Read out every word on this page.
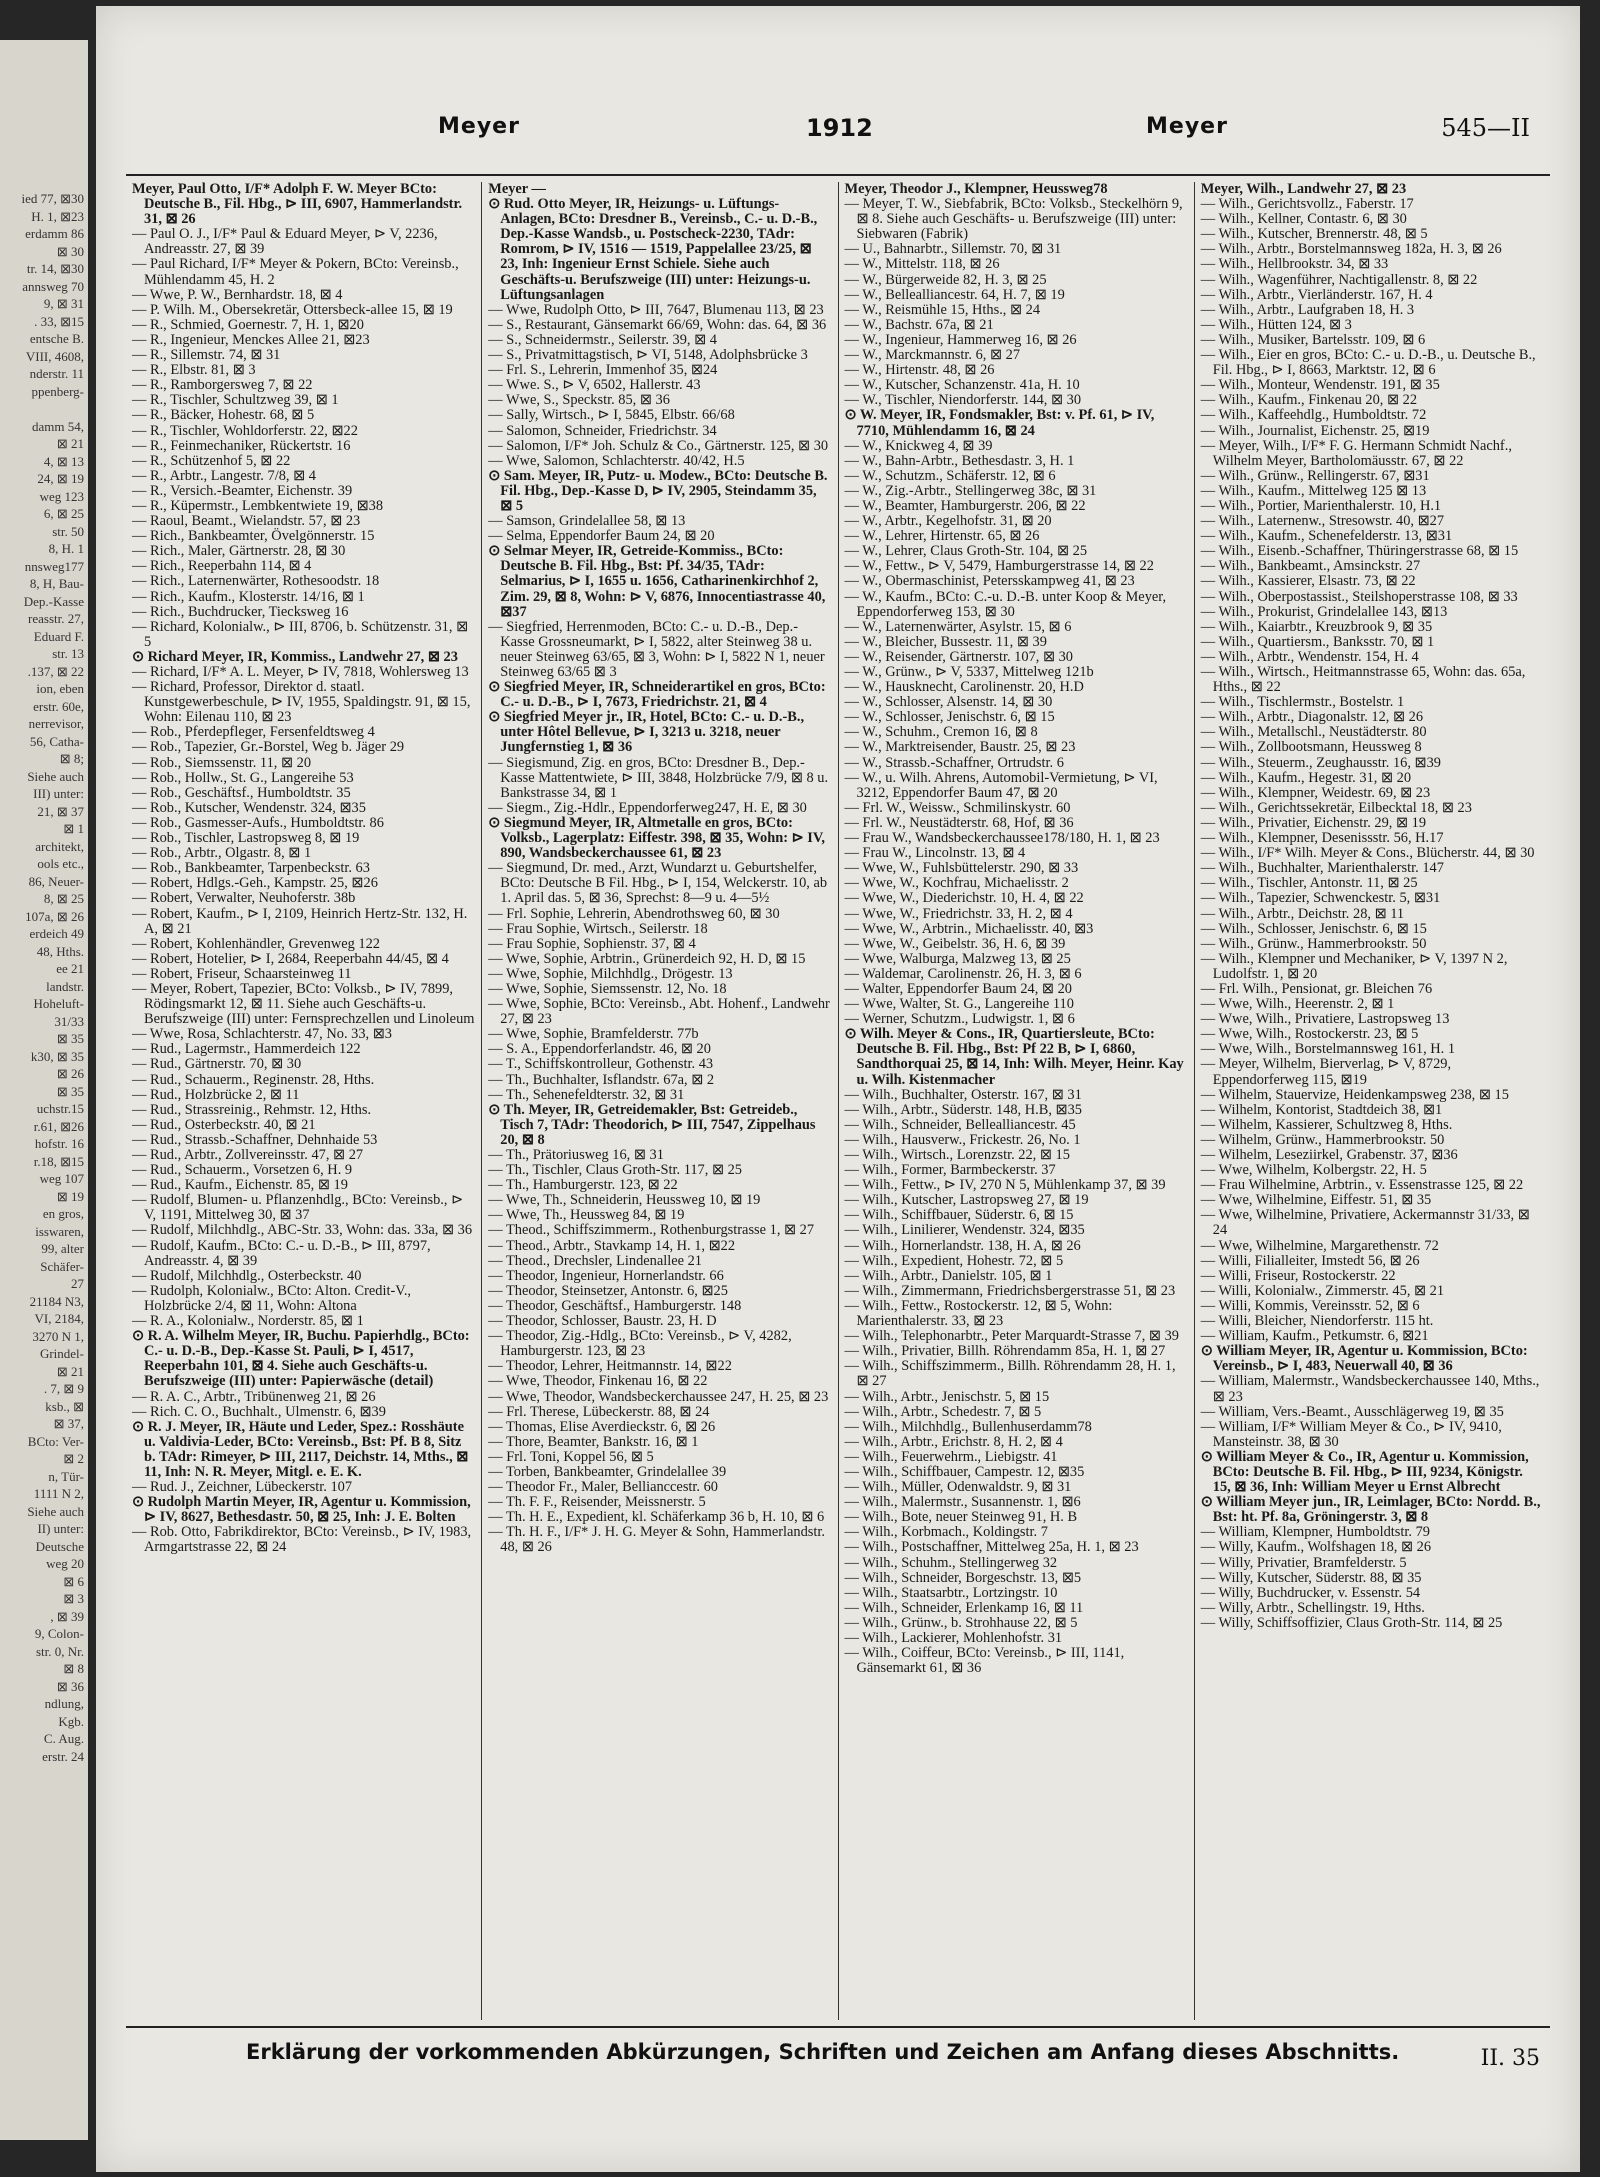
ied 77, ⊠30
H. 1, ⊠23
erdamm 86
⊠ 30
tr. 14, ⊠30
annsweg 70
9, ⊠ 31
. 33, ⊠15
entsche B.
VIII, 4608,
nderstr. 11
ppenberg-

damm 54,
⊠ 21
4, ⊠ 13
24, ⊠ 19
weg 123
6, ⊠ 25
str. 50
8, H. 1
nnsweg177
8, H, Bau-
Dep.-Kasse
reasstr. 27,
Eduard F.
str. 13
.137, ⊠ 22
ion, eben
erstr. 60e,
nerrevisor,
56, Catha-
⊠ 8;
Siehe auch
III) unter:
21, ⊠ 37
⊠ 1
architekt,
ools etc.,
86, Neuer-
8, ⊠ 25
107a, ⊠ 26
erdeich 49
48, Hths.
ee 21
landstr.
Hoheluft-
31/33
⊠ 35
k30, ⊠ 35
⊠ 26
⊠ 35
uchstr.15
r.61, ⊠26
hofstr. 16
r.18, ⊠15
weg 107
⊠ 19
en gros,
isswaren,
99, alter
Schäfer-
27
21184 N3,
VI, 2184,
3270 N 1,
Grindel-
⊠ 21
. 7, ⊠ 9
ksb., ⊠
⊠ 37,
BCto: Ver-
⊠ 2
n, Tür-
1111 N 2,
Siehe auch
II) unter:
Deutsche
weg 20
⊠ 6
⊠ 3
, ⊠ 39
9, Colon-
str. 0, Nr.
⊠ 8
⊠ 36
ndlung,
Kgb.
C. Aug.
erstr. 24
Meyer	1912	Meyer	545—II

Meyer, Paul Otto, I/F* Adolph F. W. Meyer BCto: Deutsche B., Fil. Hbg., ⊳ III, 6907, Hammerlandstr. 31, ⊠ 26

— Paul O. J., I/F* Paul & Eduard Meyer, ⊳ V, 2236, Andreasstr. 27, ⊠ 39

— Paul Richard, I/F* Meyer & Pokern, BCto: Vereinsb., Mühlendamm 45, H. 2

— Wwe, P. W., Bernhardstr. 18, ⊠ 4

— P. Wilh. M., Obersekretär, Ottersbeck-allee 15, ⊠ 19

— R., Schmied, Goernestr. 7, H. 1, ⊠20

— R., Ingenieur, Menckes Allee 21, ⊠23

— R., Sillemstr. 74, ⊠ 31

— R., Elbstr. 81, ⊠ 3

— R., Ramborgersweg 7, ⊠ 22

— R., Tischler, Schultzweg 39, ⊠ 1

— R., Bäcker, Hohestr. 68, ⊠ 5

— R., Tischler, Wohldorferstr. 22, ⊠22

— R., Feinmechaniker, Rückertstr. 16

— R., Schützenhof 5, ⊠ 22

— R., Arbtr., Langestr. 7/8, ⊠ 4

— R., Versich.-Beamter, Eichenstr. 39

— R., Küpermstr., Lembkentwiete 19, ⊠38

— Raoul, Beamt., Wielandstr. 57, ⊠ 23

— Rich., Bankbeamter, Övelgönnerstr. 15

— Rich., Maler, Gärtnerstr. 28, ⊠ 30

— Rich., Reeperbahn 114, ⊠ 4

— Rich., Laternenwärter, Rothesoodstr. 18

— Rich., Kaufm., Klosterstr. 14/16, ⊠ 1

— Rich., Buchdrucker, Tiecksweg 16

— Richard, Kolonialw., ⊳ III, 8706, b. Schützenstr. 31, ⊠ 5

⊙ Richard Meyer, IR, Kommiss., Landwehr 27, ⊠ 23

— Richard, I/F* A. L. Meyer, ⊳ IV, 7818, Wohlersweg 13

— Richard, Professor, Direktor d. staatl. Kunstgewerbeschule, ⊳ IV, 1955, Spaldingstr. 91, ⊠ 15, Wohn: Eilenau 110, ⊠ 23

— Rob., Pferdepfleger, Fersenfeldtsweg 4

— Rob., Tapezier, Gr.-Borstel, Weg b. Jäger 29

— Rob., Siemssenstr. 11, ⊠ 20

— Rob., Hollw., St. G., Langereihe 53

— Rob., Geschäftsf., Humboldtstr. 35

— Rob., Kutscher, Wendenstr. 324, ⊠35

— Rob., Gasmesser-Aufs., Humboldtstr. 86

— Rob., Tischler, Lastropsweg 8, ⊠ 19

— Rob., Arbtr., Olgastr. 8, ⊠ 1

— Rob., Bankbeamter, Tarpenbeckstr. 63

— Robert, Hdlgs.-Geh., Kampstr. 25, ⊠26

— Robert, Verwalter, Neuhoferstr. 38b

— Robert, Kaufm., ⊳ I, 2109, Heinrich Hertz-Str. 132, H. A, ⊠ 21

— Robert, Kohlenhändler, Grevenweg 122

— Robert, Hotelier, ⊳ I, 2684, Reeperbahn 44/45, ⊠ 4

— Robert, Friseur, Schaarsteinweg 11

— Meyer, Robert, Tapezier, BCto: Volksb., ⊳ IV, 7899, Rödingsmarkt 12, ⊠ 11. Siehe auch Geschäfts-u. Berufszweige (III) unter: Fernsprechzellen und Linoleum

— Wwe, Rosa, Schlachterstr. 47, No. 33, ⊠3

— Rud., Lagermstr., Hammerdeich 122

— Rud., Gärtnerstr. 70, ⊠ 30

— Rud., Schauerm., Reginenstr. 28, Hths.

— Rud., Holzbrücke 2, ⊠ 11

— Rud., Strassreinig., Rehmstr. 12, Hths.

— Rud., Osterbeckstr. 40, ⊠ 21

— Rud., Strassb.-Schaffner, Dehnhaide 53

— Rud., Arbtr., Zollvereinsstr. 47, ⊠ 27

— Rud., Schauerm., Vorsetzen 6, H. 9

— Rud., Kaufm., Eichenstr. 85, ⊠ 19

— Rudolf, Blumen- u. Pflanzenhdlg., BCto: Vereinsb., ⊳ V, 1191, Mittelweg 30, ⊠ 37

— Rudolf, Milchhdlg., ABC-Str. 33, Wohn: das. 33a, ⊠ 36

— Rudolf, Kaufm., BCto: C.- u. D.-B., ⊳ III, 8797, Andreasstr. 4, ⊠ 39

— Rudolf, Milchhdlg., Osterbeckstr. 40

— Rudolph, Kolonialw., BCto: Alton. Credit-V., Holzbrücke 2/4, ⊠ 11, Wohn: Altona

— R. A., Kolonialw., Norderstr. 85, ⊠ 1

⊙ R. A. Wilhelm Meyer, IR, Buchu. Papierhdlg., BCto: C.- u. D.-B., Dep.-Kasse St. Pauli, ⊳ I, 4517, Reeperbahn 101, ⊠ 4. Siehe auch Geschäfts-u. Berufszweige (III) unter: Papierwäsche (detail)

— R. A. C., Arbtr., Tribünenweg 21, ⊠ 26

— Rich. C. O., Buchhalt., Ulmenstr. 6, ⊠39

⊙ R. J. Meyer, IR, Häute und Leder, Spez.: Rosshäute u. Valdivia-Leder, BCto: Vereinsb., Bst: Pf. B 8, Sitz b. TAdr: Rimeyer, ⊳ III, 2117, Deichstr. 14, Mths., ⊠ 11, Inh: N. R. Meyer, Mitgl. e. E. K.

— Rud. J., Zeichner, Lübeckerstr. 107

⊙ Rudolph Martin Meyer, IR, Agentur u. Kommission, ⊳ IV, 8627, Bethesdastr. 50, ⊠ 25, Inh: J. E. Bolten

— Rob. Otto, Fabrikdirektor, BCto: Vereinsb., ⊳ IV, 1983, Armgartstrasse 22, ⊠ 24

Meyer —

⊙ Rud. Otto Meyer, IR, Heizungs- u. Lüftungs-Anlagen, BCto: Dresdner B., Vereinsb., C.- u. D.-B., Dep.-Kasse Wandsb., u. Postscheck-2230, TAdr: Romrom, ⊳ IV, 1516 — 1519, Pappelallee 23/25, ⊠ 23, Inh: Ingenieur Ernst Schiele. Siehe auch Geschäfts-u. Berufszweige (III) unter: Heizungs-u. Lüftungsanlagen

— Wwe, Rudolph Otto, ⊳ III, 7647, Blumenau 113, ⊠ 23

— S., Restaurant, Gänsemarkt 66/69, Wohn: das. 64, ⊠ 36

— S., Schneidermstr., Seilerstr. 39, ⊠ 4

— S., Privatmittagstisch, ⊳ VI, 5148, Adolphsbrücke 3

— Frl. S., Lehrerin, Immenhof 35, ⊠24

— Wwe. S., ⊳ V, 6502, Hallerstr. 43

— Wwe, S., Speckstr. 85, ⊠ 36

— Sally, Wirtsch., ⊳ I, 5845, Elbstr. 66/68

— Salomon, Schneider, Friedrichstr. 34

— Salomon, I/F* Joh. Schulz & Co., Gärtnerstr. 125, ⊠ 30

— Wwe, Salomon, Schlachterstr. 40/42, H.5

⊙ Sam. Meyer, IR, Putz- u. Modew., BCto: Deutsche B. Fil. Hbg., Dep.-Kasse D, ⊳ IV, 2905, Steindamm 35, ⊠ 5

— Samson, Grindelallee 58, ⊠ 13

— Selma, Eppendorfer Baum 24, ⊠ 20

⊙ Selmar Meyer, IR, Getreide-Kommiss., BCto: Deutsche B. Fil. Hbg., Bst: Pf. 34/35, TAdr: Selmarius, ⊳ I, 1655 u. 1656, Catharinenkirchhof 2, Zim. 29, ⊠ 8, Wohn: ⊳ V, 6876, Innocentiastrasse 40, ⊠37

— Siegfried, Herrenmoden, BCto: C.- u. D.-B., Dep.-Kasse Grossneumarkt, ⊳ I, 5822, alter Steinweg 38 u. neuer Steinweg 63/65, ⊠ 3, Wohn: ⊳ I, 5822 N 1, neuer Steinweg 63/65 ⊠ 3

⊙ Siegfried Meyer, IR, Schneiderartikel en gros, BCto: C.- u. D.-B., ⊳ I, 7673, Friedrichstr. 21, ⊠ 4

⊙ Siegfried Meyer jr., IR, Hotel, BCto: C.- u. D.-B., unter Hôtel Bellevue, ⊳ I, 3213 u. 3218, neuer Jungfernstieg 1, ⊠ 36

— Siegismund, Zig. en gros, BCto: Dresdner B., Dep.-Kasse Mattentwiete, ⊳ III, 3848, Holzbrücke 7/9, ⊠ 8 u. Bankstrasse 34, ⊠ 1

— Siegm., Zig.-Hdlr., Eppendorferweg247, H. E, ⊠ 30

⊙ Siegmund Meyer, IR, Altmetalle en gros, BCto: Volksb., Lagerplatz: Eiffestr. 398, ⊠ 35, Wohn: ⊳ IV, 890, Wandsbeckerchaussee 61, ⊠ 23

— Siegmund, Dr. med., Arzt, Wundarzt u. Geburtshelfer, BCto: Deutsche B Fil. Hbg., ⊳ I, 154, Welckerstr. 10, ab 1. April das. 5, ⊠ 36, Sprechst: 8—9 u. 4—5½

— Frl. Sophie, Lehrerin, Abendrothsweg 60, ⊠ 30

— Frau Sophie, Wirtsch., Seilerstr. 18

— Frau Sophie, Sophienstr. 37, ⊠ 4

— Wwe, Sophie, Arbtrin., Grünerdeich 92, H. D, ⊠ 15

— Wwe, Sophie, Milchhdlg., Drögestr. 13

— Wwe, Sophie, Siemssenstr. 12, No. 18

— Wwe, Sophie, BCto: Vereinsb., Abt. Hohenf., Landwehr 27, ⊠ 23

— Wwe, Sophie, Bramfelderstr. 77b

— S. A., Eppendorferlandstr. 46, ⊠ 20

— T., Schiffskontrolleur, Gothenstr. 43

— Th., Buchhalter, Isflandstr. 67a, ⊠ 2

— Th., Sehenefeldterstr. 32, ⊠ 31

⊙ Th. Meyer, IR, Getreidemakler, Bst: Getreideb., Tisch 7, TAdr: Theodorich, ⊳ III, 7547, Zippelhaus 20, ⊠ 8

— Th., Prätoriusweg 16, ⊠ 31

— Th., Tischler, Claus Groth-Str. 117, ⊠ 25

— Th., Hamburgerstr. 123, ⊠ 22

— Wwe, Th., Schneiderin, Heussweg 10, ⊠ 19

— Wwe, Th., Heussweg 84, ⊠ 19

— Theod., Schiffszimmerm., Rothenburgstrasse 1, ⊠ 27

— Theod., Arbtr., Stavkamp 14, H. 1, ⊠22

— Theod., Drechsler, Lindenallee 21

— Theodor, Ingenieur, Hornerlandstr. 66

— Theodor, Steinsetzer, Antonstr. 6, ⊠25

— Theodor, Geschäftsf., Hamburgerstr. 148

— Theodor, Schlosser, Baustr. 23, H. D

— Theodor, Zig.-Hdlg., BCto: Vereinsb., ⊳ V, 4282, Hamburgerstr. 123, ⊠ 23

— Theodor, Lehrer, Heitmannstr. 14, ⊠22

— Wwe, Theodor, Finkenau 16, ⊠ 22

— Wwe, Theodor, Wandsbeckerchaussee 247, H. 25, ⊠ 23

— Frl. Therese, Lübeckerstr. 88, ⊠ 24

— Thomas, Elise Averdieckstr. 6, ⊠ 26

— Thore, Beamter, Bankstr. 16, ⊠ 1

— Frl. Toni, Koppel 56, ⊠ 5

— Torben, Bankbeamter, Grindelallee 39

— Theodor Fr., Maler, Bellianccestr. 60

— Th. F. F., Reisender, Meissnerstr. 5

— Th. H. E., Expedient, kl. Schäferkamp 36 b, H. 10, ⊠ 6

— Th. H. F., I/F* J. H. G. Meyer & Sohn, Hammerlandstr. 48, ⊠ 26

Meyer, Theodor J., Klempner, Heussweg78

— Meyer, T. W., Siebfabrik, BCto: Volksb., Steckelhörn 9, ⊠ 8. Siehe auch Geschäfts- u. Berufszweige (III) unter: Siebwaren (Fabrik)

— U., Bahnarbtr., Sillemstr. 70, ⊠ 31

— W., Mittelstr. 118, ⊠ 26

— W., Bürgerweide 82, H. 3, ⊠ 25

— W., Bellealliancestr. 64, H. 7, ⊠ 19

— W., Reismühle 15, Hths., ⊠ 24

— W., Bachstr. 67a, ⊠ 21

— W., Ingenieur, Hammerweg 16, ⊠ 26

— W., Marckmannstr. 6, ⊠ 27

— W., Hirtenstr. 48, ⊠ 26

— W., Kutscher, Schanzenstr. 41a, H. 10

— W., Tischler, Niendorferstr. 144, ⊠ 30

⊙ W. Meyer, IR, Fondsmakler, Bst: v. Pf. 61, ⊳ IV, 7710, Mühlendamm 16, ⊠ 24

— W., Knickweg 4, ⊠ 39

— W., Bahn-Arbtr., Bethesdastr. 3, H. 1

— W., Schutzm., Schäferstr. 12, ⊠ 6

— W., Zig.-Arbtr., Stellingerweg 38c, ⊠ 31

— W., Beamter, Hamburgerstr. 206, ⊠ 22

— W., Arbtr., Kegelhofstr. 31, ⊠ 20

— W., Lehrer, Hirtenstr. 65, ⊠ 26

— W., Lehrer, Claus Groth-Str. 104, ⊠ 25

— W., Fettw., ⊳ V, 5479, Hamburgerstrasse 14, ⊠ 22

— W., Obermaschinist, Petersskampweg 41, ⊠ 23

— W., Kaufm., BCto: C.-u. D.-B. unter Koop & Meyer, Eppendorferweg 153, ⊠ 30

— W., Laternenwärter, Asylstr. 15, ⊠ 6

— W., Bleicher, Bussestr. 11, ⊠ 39

— W., Reisender, Gärtnerstr. 107, ⊠ 30

— W., Grünw., ⊳ V, 5337, Mittelweg 121b

— W., Hausknecht, Carolinenstr. 20, H.D

— W., Schlosser, Alsenstr. 14, ⊠ 30

— W., Schlosser, Jenischstr. 6, ⊠ 15

— W., Schuhm., Cremon 16, ⊠ 8

— W., Marktreisender, Baustr. 25, ⊠ 23

— W., Strassb.-Schaffner, Ortrudstr. 6

— W., u. Wilh. Ahrens, Automobil-Vermietung, ⊳ VI, 3212, Eppendorfer Baum 47, ⊠ 20

— Frl. W., Weissw., Schmilinskystr. 60

— Frl. W., Neustädterstr. 68, Hof, ⊠ 36

— Frau W., Wandsbeckerchaussee178/180, H. 1, ⊠ 23

— Frau W., Lincolnstr. 13, ⊠ 4

— Wwe, W., Fuhlsbüttelerstr. 290, ⊠ 33

— Wwe, W., Kochfrau, Michaelisstr. 2

— Wwe, W., Diederichstr. 10, H. 4, ⊠ 22

— Wwe, W., Friedrichstr. 33, H. 2, ⊠ 4

— Wwe, W., Arbtrin., Michaelisstr. 40, ⊠3

— Wwe, W., Geibelstr. 36, H. 6, ⊠ 39

— Wwe, Walburga, Malzweg 13, ⊠ 25

— Waldemar, Carolinenstr. 26, H. 3, ⊠ 6

— Walter, Eppendorfer Baum 24, ⊠ 20

— Wwe, Walter, St. G., Langereihe 110

— Werner, Schutzm., Ludwigstr. 1, ⊠ 6

⊙ Wilh. Meyer & Cons., IR, Quartiersleute, BCto: Deutsche B. Fil. Hbg., Bst: Pf 22 B, ⊳ I, 6860, Sandthorquai 25, ⊠ 14, Inh: Wilh. Meyer, Heinr. Kay u. Wilh. Kistenmacher

— Wilh., Buchhalter, Osterstr. 167, ⊠ 31

— Wilh., Arbtr., Süderstr. 148, H.B, ⊠35

— Wilh., Schneider, Bellealliancestr. 45

— Wilh., Hausverw., Frickestr. 26, No. 1

— Wilh., Wirtsch., Lorenzstr. 22, ⊠ 15

— Wilh., Former, Barmbeckerstr. 37

— Wilh., Fettw., ⊳ IV, 270 N 5, Mühlenkamp 37, ⊠ 39

— Wilh., Kutscher, Lastropsweg 27, ⊠ 19

— Wilh., Schiffbauer, Süderstr. 6, ⊠ 15

— Wilh., Linilierer, Wendenstr. 324, ⊠35

— Wilh., Hornerlandstr. 138, H. A, ⊠ 26

— Wilh., Expedient, Hohestr. 72, ⊠ 5

— Wilh., Arbtr., Danielstr. 105, ⊠ 1

— Wilh., Zimmermann, Friedrichsbergerstrasse 51, ⊠ 23

— Wilh., Fettw., Rostockerstr. 12, ⊠ 5, Wohn: Marienthalerstr. 33, ⊠ 23

— Wilh., Telephonarbtr., Peter Marquardt-Strasse 7, ⊠ 39

— Wilh., Privatier, Billh. Röhrendamm 85a, H. 1, ⊠ 27

— Wilh., Schiffszimmerm., Billh. Röhrendamm 28, H. 1, ⊠ 27

— Wilh., Arbtr., Jenischstr. 5, ⊠ 15

— Wilh., Arbtr., Schedestr. 7, ⊠ 5

— Wilh., Milchhdlg., Bullenhuserdamm78

— Wilh., Arbtr., Erichstr. 8, H. 2, ⊠ 4

— Wilh., Feuerwehrm., Liebigstr. 41

— Wilh., Schiffbauer, Campestr. 12, ⊠35

— Wilh., Müller, Odenwaldstr. 9, ⊠ 31

— Wilh., Malermstr., Susannenstr. 1, ⊠6

— Wilh., Bote, neuer Steinweg 91, H. B

— Wilh., Korbmach., Koldingstr. 7

— Wilh., Postschaffner, Mittelweg 25a, H. 1, ⊠ 23

— Wilh., Schuhm., Stellingerweg 32

— Wilh., Schneider, Borgeschstr. 13, ⊠5

— Wilh., Staatsarbtr., Lortzingstr. 10

— Wilh., Schneider, Erlenkamp 16, ⊠ 11

— Wilh., Grünw., b. Strohhause 22, ⊠ 5

— Wilh., Lackierer, Mohlenhofstr. 31

— Wilh., Coiffeur, BCto: Vereinsb., ⊳ III, 1141, Gänsemarkt 61, ⊠ 36

Meyer, Wilh., Landwehr 27, ⊠ 23

— Wilh., Gerichtsvollz., Faberstr. 17

— Wilh., Kellner, Contastr. 6, ⊠ 30

— Wilh., Kutscher, Brennerstr. 48, ⊠ 5

— Wilh., Arbtr., Borstelmannsweg 182a, H. 3, ⊠ 26

— Wilh., Hellbrookstr. 34, ⊠ 33

— Wilh., Wagenführer, Nachtigallenstr. 8, ⊠ 22

— Wilh., Arbtr., Vierländerstr. 167, H. 4

— Wilh., Arbtr., Laufgraben 18, H. 3

— Wilh., Hütten 124, ⊠ 3

— Wilh., Musiker, Bartelsstr. 109, ⊠ 6

— Wilh., Eier en gros, BCto: C.- u. D.-B., u. Deutsche B., Fil. Hbg., ⊳ I, 8663, Marktstr. 12, ⊠ 6

— Wilh., Monteur, Wendenstr. 191, ⊠ 35

— Wilh., Kaufm., Finkenau 20, ⊠ 22

— Wilh., Kaffeehdlg., Humboldtstr. 72

— Wilh., Journalist, Eichenstr. 25, ⊠19

— Meyer, Wilh., I/F* F. G. Hermann Schmidt Nachf., Wilhelm Meyer, Bartholomäusstr. 67, ⊠ 22

— Wilh., Grünw., Rellingerstr. 67, ⊠31

— Wilh., Kaufm., Mittelweg 125 ⊠ 13

— Wilh., Portier, Marienthalerstr. 10, H.1

— Wilh., Laternenw., Stresowstr. 40, ⊠27

— Wilh., Kaufm., Schenefelderstr. 13, ⊠31

— Wilh., Eisenb.-Schaffner, Thüringerstrasse 68, ⊠ 15

— Wilh., Bankbeamt., Amsinckstr. 27

— Wilh., Kassierer, Elsastr. 73, ⊠ 22

— Wilh., Oberpostassist., Steilshoperstrasse 108, ⊠ 33

— Wilh., Prokurist, Grindelallee 143, ⊠13

— Wilh., Kaiarbtr., Kreuzbrook 9, ⊠ 35

— Wilh., Quartiersm., Banksstr. 70, ⊠ 1

— Wilh., Arbtr., Wendenstr. 154, H. 4

— Wilh., Wirtsch., Heitmannstrasse 65, Wohn: das. 65a, Hths., ⊠ 22

— Wilh., Tischlermstr., Bostelstr. 1

— Wilh., Arbtr., Diagonalstr. 12, ⊠ 26

— Wilh., Metallschl., Neustädterstr. 80

— Wilh., Zollbootsmann, Heussweg 8

— Wilh., Steuerm., Zeughausstr. 16, ⊠39

— Wilh., Kaufm., Hegestr. 31, ⊠ 20

— Wilh., Klempner, Weidestr. 69, ⊠ 23

— Wilh., Gerichtssekretär, Eilbecktal 18, ⊠ 23

— Wilh., Privatier, Eichenstr. 29, ⊠ 19

— Wilh., Klempner, Desenissstr. 56, H.17

— Wilh., I/F* Wilh. Meyer & Cons., Blücherstr. 44, ⊠ 30

— Wilh., Buchhalter, Marienthalerstr. 147

— Wilh., Tischler, Antonstr. 11, ⊠ 25

— Wilh., Tapezier, Schwenckestr. 5, ⊠31

— Wilh., Arbtr., Deichstr. 28, ⊠ 11

— Wilh., Schlosser, Jenischstr. 6, ⊠ 15

— Wilh., Grünw., Hammerbrookstr. 50

— Wilh., Klempner und Mechaniker, ⊳ V, 1397 N 2, Ludolfstr. 1, ⊠ 20

— Frl. Wilh., Pensionat, gr. Bleichen 76

— Wwe, Wilh., Heerenstr. 2, ⊠ 1

— Wwe, Wilh., Privatiere, Lastropsweg 13

— Wwe, Wilh., Rostockerstr. 23, ⊠ 5

— Wwe, Wilh., Borstelmannsweg 161, H. 1

— Meyer, Wilhelm, Bierverlag, ⊳ V, 8729, Eppendorferweg 115, ⊠19

— Wilhelm, Stauervize, Heidenkampsweg 238, ⊠ 15

— Wilhelm, Kontorist, Stadtdeich 38, ⊠1

— Wilhelm, Kassierer, Schultzweg 8, Hths.

— Wilhelm, Grünw., Hammerbrookstr. 50

— Wilhelm, Leseziirkel, Grabenstr. 37, ⊠36

— Wwe, Wilhelm, Kolbergstr. 22, H. 5

— Frau Wilhelmine, Arbtrin., v. Essenstrasse 125, ⊠ 22

— Wwe, Wilhelmine, Eiffestr. 51, ⊠ 35

— Wwe, Wilhelmine, Privatiere, Ackermannstr 31/33, ⊠ 24

— Wwe, Wilhelmine, Margarethenstr. 72

— Willi, Filialleiter, Imstedt 56, ⊠ 26

— Willi, Friseur, Rostockerstr. 22

— Willi, Kolonialw., Zimmerstr. 45, ⊠ 21

— Willi, Kommis, Vereinsstr. 52, ⊠ 6

— Willi, Bleicher, Niendorferstr. 115 ht.

— William, Kaufm., Petkumstr. 6, ⊠21

⊙ William Meyer, IR, Agentur u. Kommission, BCto: Vereinsb., ⊳ I, 483, Neuerwall 40, ⊠ 36

— William, Malermstr., Wandsbeckerchaussee 140, Mths., ⊠ 23

— William, Vers.-Beamt., Ausschlägerweg 19, ⊠ 35

— William, I/F* William Meyer & Co., ⊳ IV, 9410, Mansteinstr. 38, ⊠ 30

⊙ William Meyer & Co., IR, Agentur u. Kommission, BCto: Deutsche B. Fil. Hbg., ⊳ III, 9234, Königstr. 15, ⊠ 36, Inh: William Meyer u Ernst Albrecht

⊙ William Meyer jun., IR, Leimlager, BCto: Nordd. B., Bst: ht. Pf. 8a, Gröningerstr. 3, ⊠ 8

— William, Klempner, Humboldtstr. 79

— Willy, Kaufm., Wolfshagen 18, ⊠ 26

— Willy, Privatier, Bramfelderstr. 5

— Willy, Kutscher, Süderstr. 88, ⊠ 35

— Willy, Buchdrucker, v. Essenstr. 54

— Willy, Arbtr., Schellingstr. 19, Hths.

— Willy, Schiffsoffizier, Claus Groth-Str. 114, ⊠ 25

Erklärung der vorkommenden Abkürzungen, Schriften und Zeichen am Anfang dieses Abschnitts.	II. 35
